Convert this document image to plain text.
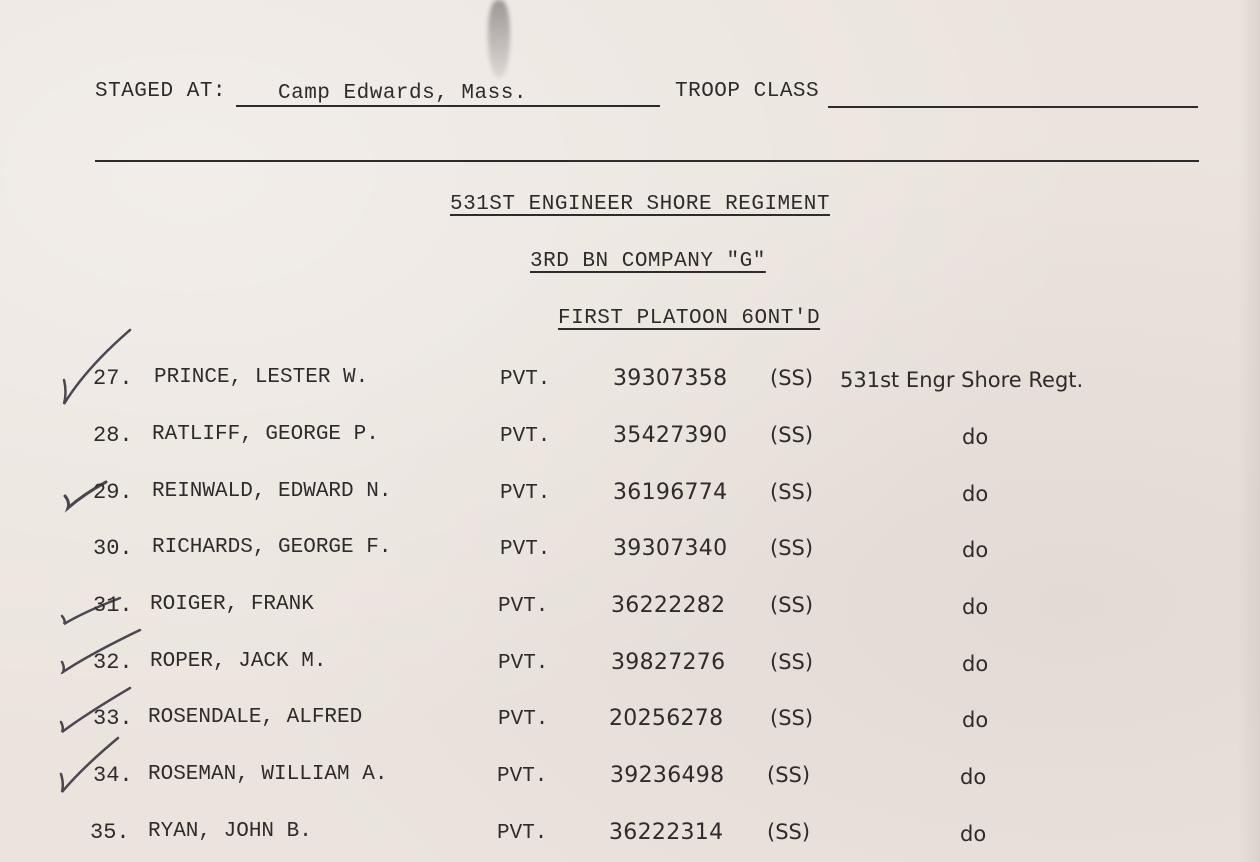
STAGED AT: Camp Edwards, Mass.	TROOP CLASS
531ST ENGINEER SHORE REGIMENT
3RD BN COMPANY "G"
FIRST PLATOON 6ONT'D
27. PRINCE, LESTER W.	PVT.	39307358 (SS) 531st Engr Shore Regt.
28. RATLIFF, GEORGE P.	PVT.	35427390 (SS)	do
29. REINWALD, EDWARD N.	PVT.	36196774 (SS)	do
30. RICHARDS, GEORGE F.	PVT.	39307340 (SS)	do
31. ROIGER, FRANK	PVT.	36222282 (SS)	do
32. ROPER, JACK M.	PVT.	39827276 (SS)	do
33. ROSENDALE, ALFRED	PVT.	20256278 (SS)	do
34. ROSEMAN, WILLIAM A.	PVT.	39236498 (SS)	do
35. RYAN, JOHN B.	PVT.	36222314 (SS)	do
